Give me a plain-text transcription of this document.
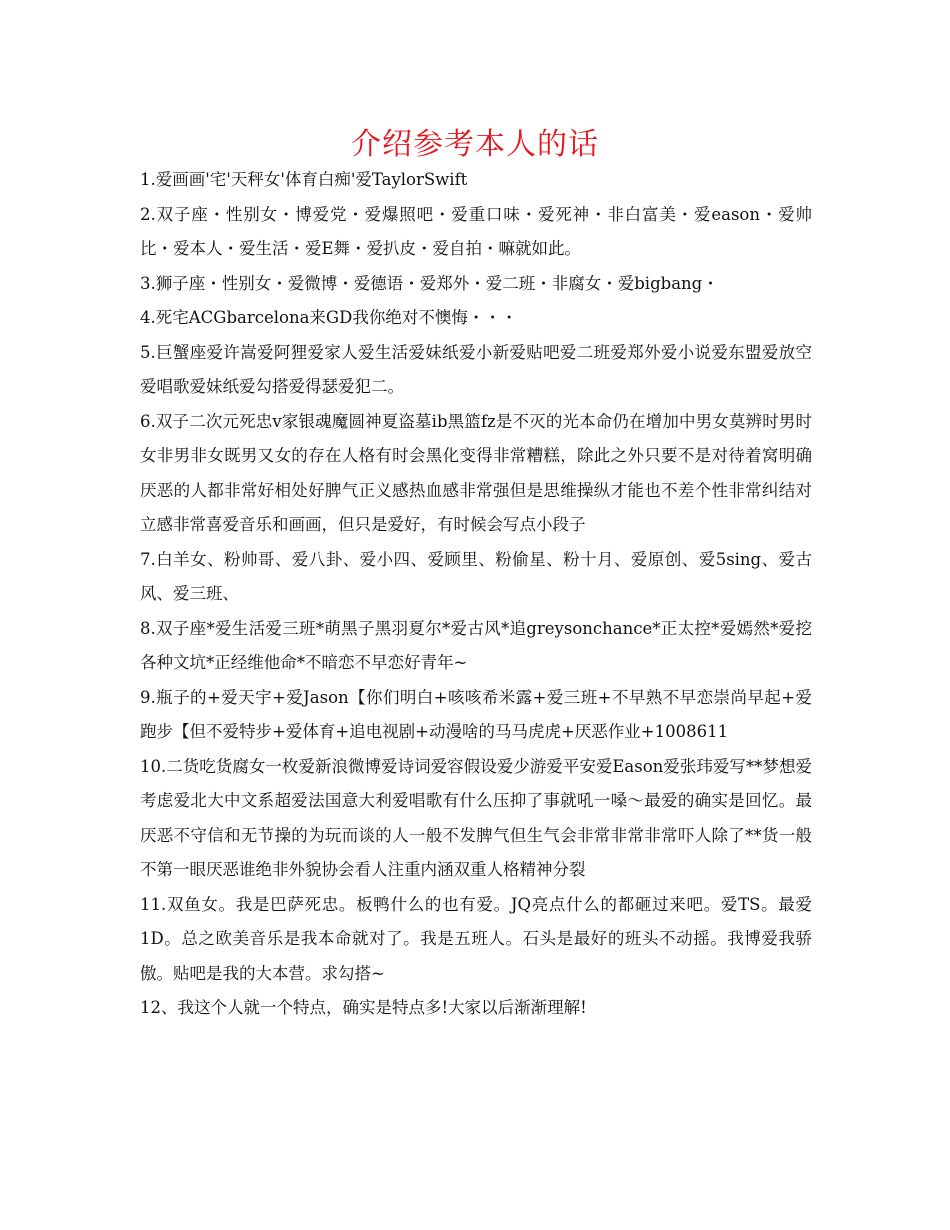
介绍参考本人的话

1.爱画画'宅'天秤女'体育白痴'爱TaylorSwift

2.双子座・性别女・博爱党・爱爆照吧・爱重口味・爱死神・非白富美・爱eason・爱帅比・爱本人・爱生活・爱E舞・爱扒皮・爱自拍・嘛就如此。

3.狮子座・性别女・爱微博・爱德语・爱郑外・爱二班・非腐女・爱bigbang・

4.死宅ACGbarcelona来GD我你绝对不懊悔・・・

5.巨蟹座爱许嵩爱阿狸爱家人爱生活爱妹纸爱小新爱贴吧爱二班爱郑外爱小说爱东盟爱放空爱唱歌爱妹纸爱勾搭爱得瑟爱犯二。

6.双子二次元死忠v家银魂魔圆神夏盗墓ib黑篮fz是不灭的光本命仍在增加中男女莫辨时男时女非男非女既男又女的存在人格有时会黑化变得非常糟糕，除此之外只要不是对待着窝明确厌恶的人都非常好相处好脾气正义感热血感非常强但是思维操纵才能也不差个性非常纠结对立感非常喜爱音乐和画画，但只是爱好，有时候会写点小段子

7.白羊女、粉帅哥、爱八卦、爱小四、爱顾里、粉偷星、粉十月、爱原创、爱5sing、爱古风、爱三班、

8.双子座*爱生活爱三班*萌黑子黑羽夏尔*爱古风*追greysonchance*正太控*爱嫣然*爱挖各种文坑*正经维他命*不暗恋不早恋好青年~

9.瓶子的+爱天宇+爱Jason【你们明白+咳咳希米露+爱三班+不早熟不早恋崇尚早起+爱跑步【但不爱特步+爱体育+追电视剧+动漫啥的马马虎虎+厌恶作业+1008611

10.二货吃货腐女一枚爱新浪微博爱诗词爱容假设爱少游爱平安爱Eason爱张玮爱写**梦想爱考虑爱北大中文系超爱法国意大利爱唱歌有什么压抑了事就吼一嗓～最爱的确实是回忆。最厌恶不守信和无节操的为玩而谈的人一般不发脾气但生气会非常非常非常吓人除了**货一般不第一眼厌恶谁绝非外貌协会看人注重内涵双重人格精神分裂

11.双鱼女。我是巴萨死忠。板鸭什么的也有爱。JQ亮点什么的都砸过来吧。爱TS。最爱1D。总之欧美音乐是我本命就对了。我是五班人。石头是最好的班头不动摇。我博爱我骄傲。贴吧是我的大本营。求勾搭~

12、我这个人就一个特点，确实是特点多!大家以后渐渐理解!
